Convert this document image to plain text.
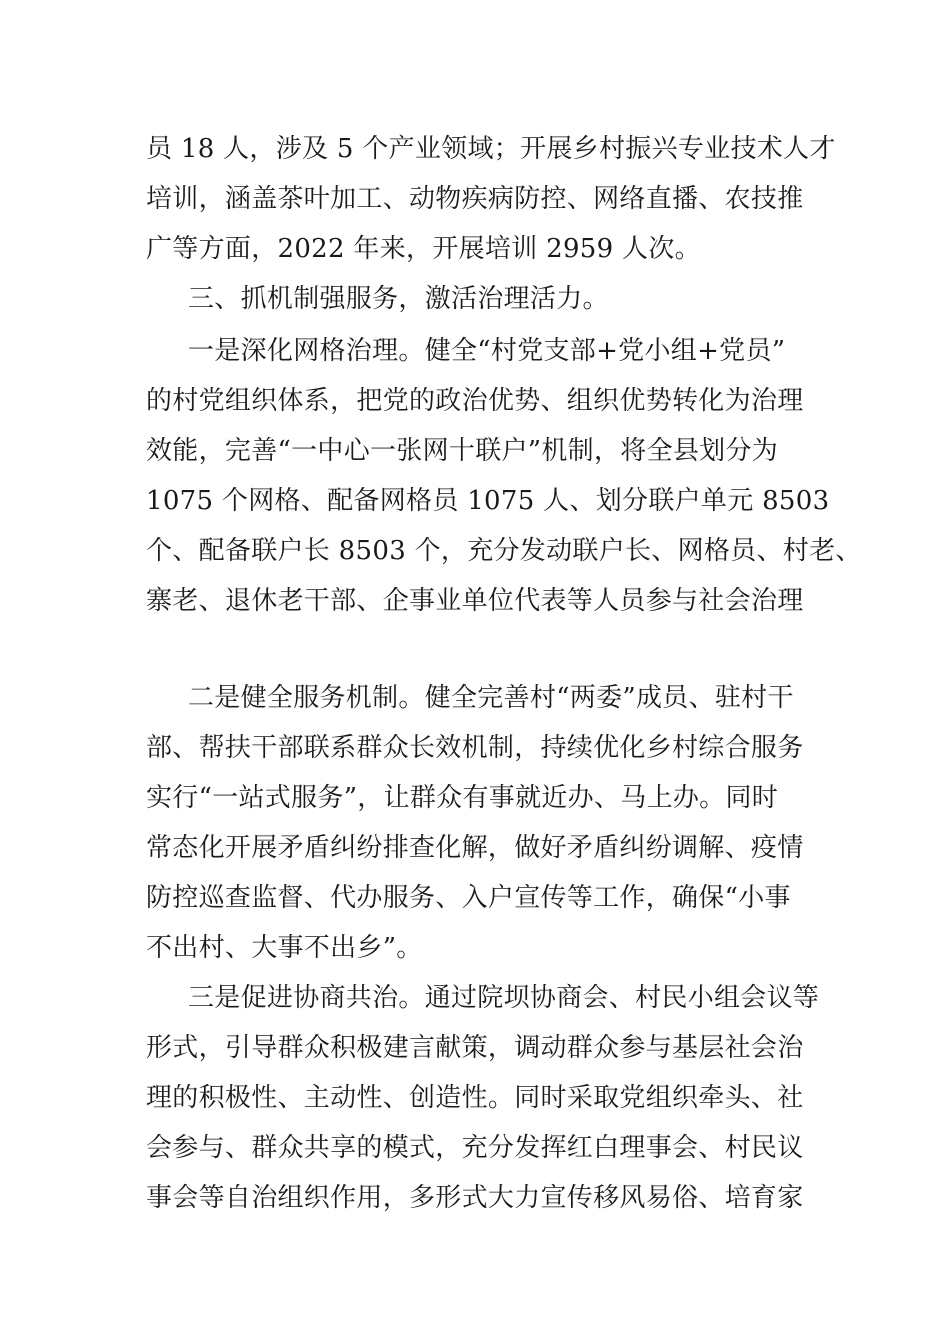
员 18 人，涉及 5 个产业领域；开展乡村振兴专业技术人才
培训，涵盖茶叶加工、动物疾病防控、网络直播、农技推
广等方面，2022 年来，开展培训 2959 人次。
三、抓机制强服务，激活治理活力。
一是深化网格治理。健全“村党支部+党小组+党员”
的村党组织体系，把党的政治优势、组织优势转化为治理
效能，完善“一中心一张网十联户”机制，将全县划分为
1075 个网格、配备网格员 1075 人、划分联户单元 8503
个、配备联户长 8503 个，充分发动联户长、网格员、村老、
寨老、退休老干部、企事业单位代表等人员参与社会治理
二是健全服务机制。健全完善村“两委”成员、驻村干
部、帮扶干部联系群众长效机制，持续优化乡村综合服务
实行“一站式服务”，让群众有事就近办、马上办。同时
常态化开展矛盾纠纷排查化解，做好矛盾纠纷调解、疫情
防控巡查监督、代办服务、入户宣传等工作，确保“小事
不出村、大事不出乡”。
三是促进协商共治。通过院坝协商会、村民小组会议等
形式，引导群众积极建言献策，调动群众参与基层社会治
理的积极性、主动性、创造性。同时采取党组织牵头、社
会参与、群众共享的模式，充分发挥红白理事会、村民议
事会等自治组织作用，多形式大力宣传移风易俗、培育家
